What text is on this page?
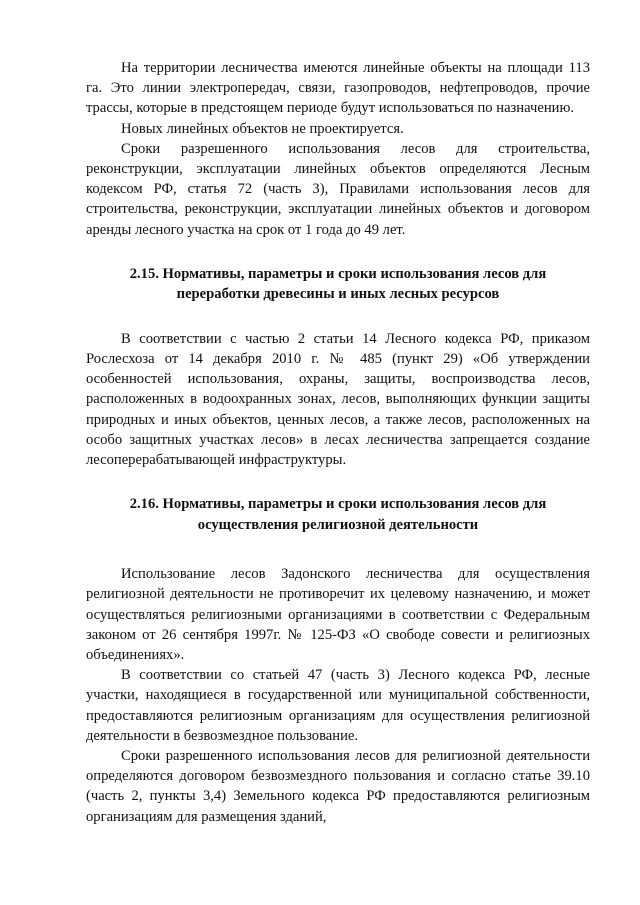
На территории лесничества имеются линейные объекты на площади 113 га. Это линии электропередач, связи, газопроводов, нефтепроводов, прочие трассы, которые в предстоящем периоде будут использоваться по назначению.

Новых линейных объектов не проектируется.

Сроки разрешенного использования лесов для строительства, реконструкции, эксплуатации линейных объектов определяются Лесным кодексом РФ, статья 72 (часть 3), Правилами использования лесов для строительства, реконструкции, эксплуатации линейных объектов и договором аренды лесного участка на срок от 1 года до 49 лет.

2.15. Нормативы, параметры и сроки использования лесов для
переработки древесины и иных лесных ресурсов

В соответствии с частью 2 статьи 14 Лесного кодекса РФ, приказом Рослесхоза от 14 декабря 2010 г. № 485 (пункт 29) «Об утверждении особенностей использования, охраны, защиты, воспроизводства лесов, расположенных в водоохранных зонах, лесов, выполняющих функции защиты природных и иных объектов, ценных лесов, а также лесов, расположенных на особо защитных участках лесов» в лесах лесничества запрещается создание лесоперерабатывающей инфраструктуры.

2.16. Нормативы, параметры и сроки использования лесов для
осуществления религиозной деятельности

Использование лесов Задонского лесничества для осуществления религиозной деятельности не противоречит их целевому назначению, и может осуществляться религиозными организациями в соответствии с Федеральным законом от 26 сентября 1997г. № 125-ФЗ «О свободе совести и религиозных объединениях».

В соответствии со статьей 47 (часть 3) Лесного кодекса РФ, лесные участки, находящиеся в государственной или муниципальной собственности, предоставляются религиозным организациям для осуществления религиозной деятельности в безвозмездное пользование.

Сроки разрешенного использования лесов для религиозной деятельности определяются договором безвозмездного пользования и согласно статье 39.10 (часть 2, пункты 3,4) Земельного кодекса РФ предоставляются религиозным организациям для размещения зданий,
